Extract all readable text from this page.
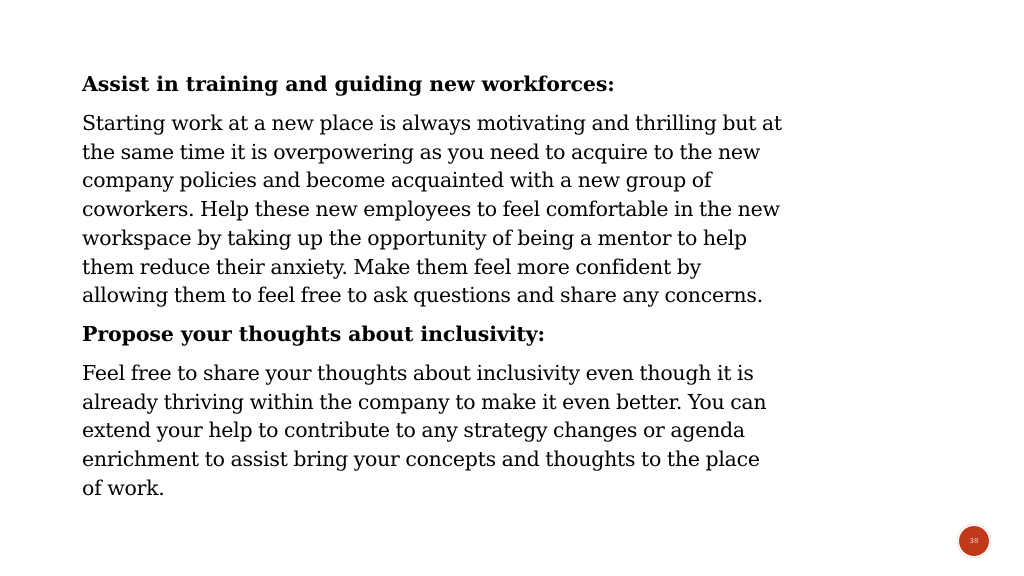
Assist in training and guiding new workforces:
Starting work at a new place is always motivating and thrilling but at
the same time it is overpowering as you need to acquire to the new
company policies and become acquainted with a new group of
coworkers. Help these new employees to feel comfortable in the new
workspace by taking up the opportunity of being a mentor to help
them reduce their anxiety. Make them feel more confident by
allowing them to feel free to ask questions and share any concerns.
Propose your thoughts about inclusivity:
Feel free to share your thoughts about inclusivity even though it is
already thriving within the company to make it even better. You can
extend your help to contribute to any strategy changes or agenda
enrichment to assist bring your concepts and thoughts to the place
of work.
38
